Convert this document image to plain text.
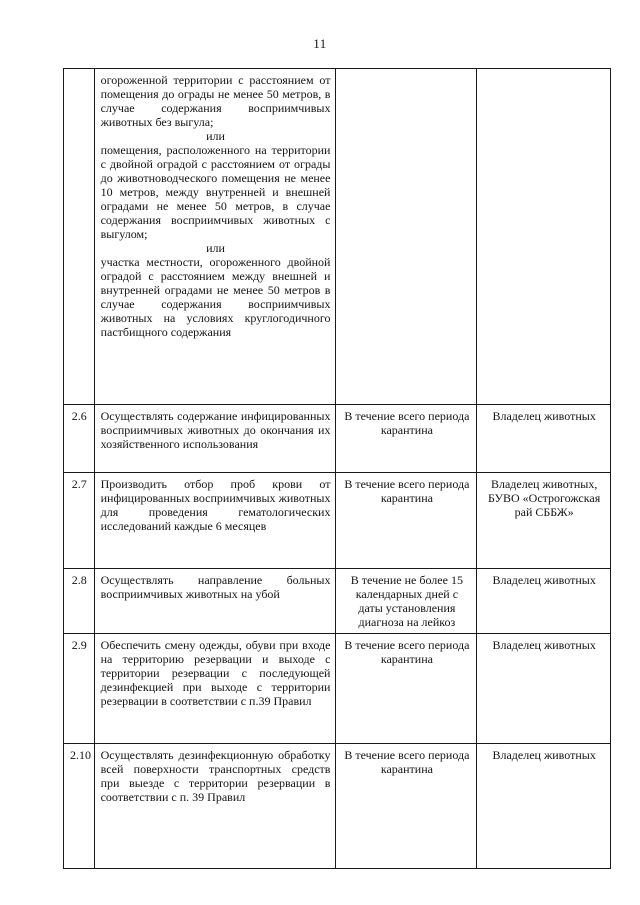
11

	огороженной территории с расстоянием от помещения до ограды не менее 50 метров, в случае содержания восприимчивых животных без выгула;
или
помещения, расположенного на территории с двойной оградой с расстоянием от ограды до животноводческого помещения не менее 10 метров, между внутренней и внешней оградами не менее 50 метров, в случае содержания восприимчивых животных с выгулом;
или
участка местности, огороженного двойной оградой с расстоянием между внешней и внутренней оградами не менее 50 метров в случае содержания восприимчивых животных на условиях круглогодичного пастбищного содержания		

2.6	Осуществлять содержание инфицированных восприимчивых животных до окончания их хозяйственного использования	В течение всего периода карантина	Владелец животных
2.7	Производить отбор проб крови от инфицированных восприимчивых животных для проведения гематологических исследований каждые 6 месяцев	В течение всего периода карантина	Владелец животных, БУВО «Острогожская рай СББЖ»
2.8	Осуществлять направление больных восприимчивых животных на убой	В течение не более 15 календарных дней с даты установления диагноза на лейкоз	Владелец животных
2.9	Обеспечить смену одежды, обуви при входе на территорию резервации и выходе с территории резервации с последующей дезинфекцией при выходе с территории резервации в соответствии с п.39 Правил	В течение всего периода карантина	Владелец животных
2.10	Осуществлять дезинфекционную обработку всей поверхности транспортных средств при выезде с территории резервации в соответствии с п. 39 Правил	В течение всего периода карантина	Владелец животных
